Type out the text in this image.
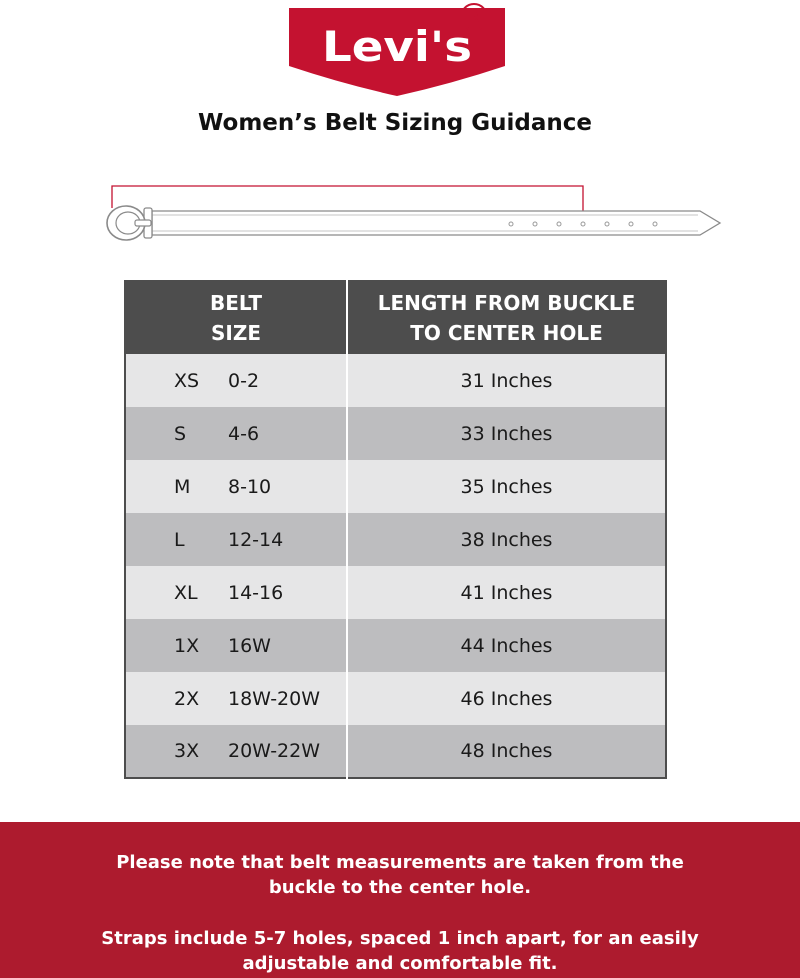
Levi's
R
Women’s Belt Sizing Guidance
BELT
SIZE	LENGTH FROM BUCKLE
TO CENTER HOLE

XS 0-2	31 Inches
S 4-6	33 Inches
M 8-10	35 Inches
L 12-14	38 Inches
XL 14-16	41 Inches
1X 16W	44 Inches
2X 18W-20W	46 Inches
3X 20W-22W	48 Inches
Please note that belt measurements are taken from the
buckle to the center hole.
Straps include 5-7 holes, spaced 1 inch apart, for an easily
adjustable and comfortable fit.
